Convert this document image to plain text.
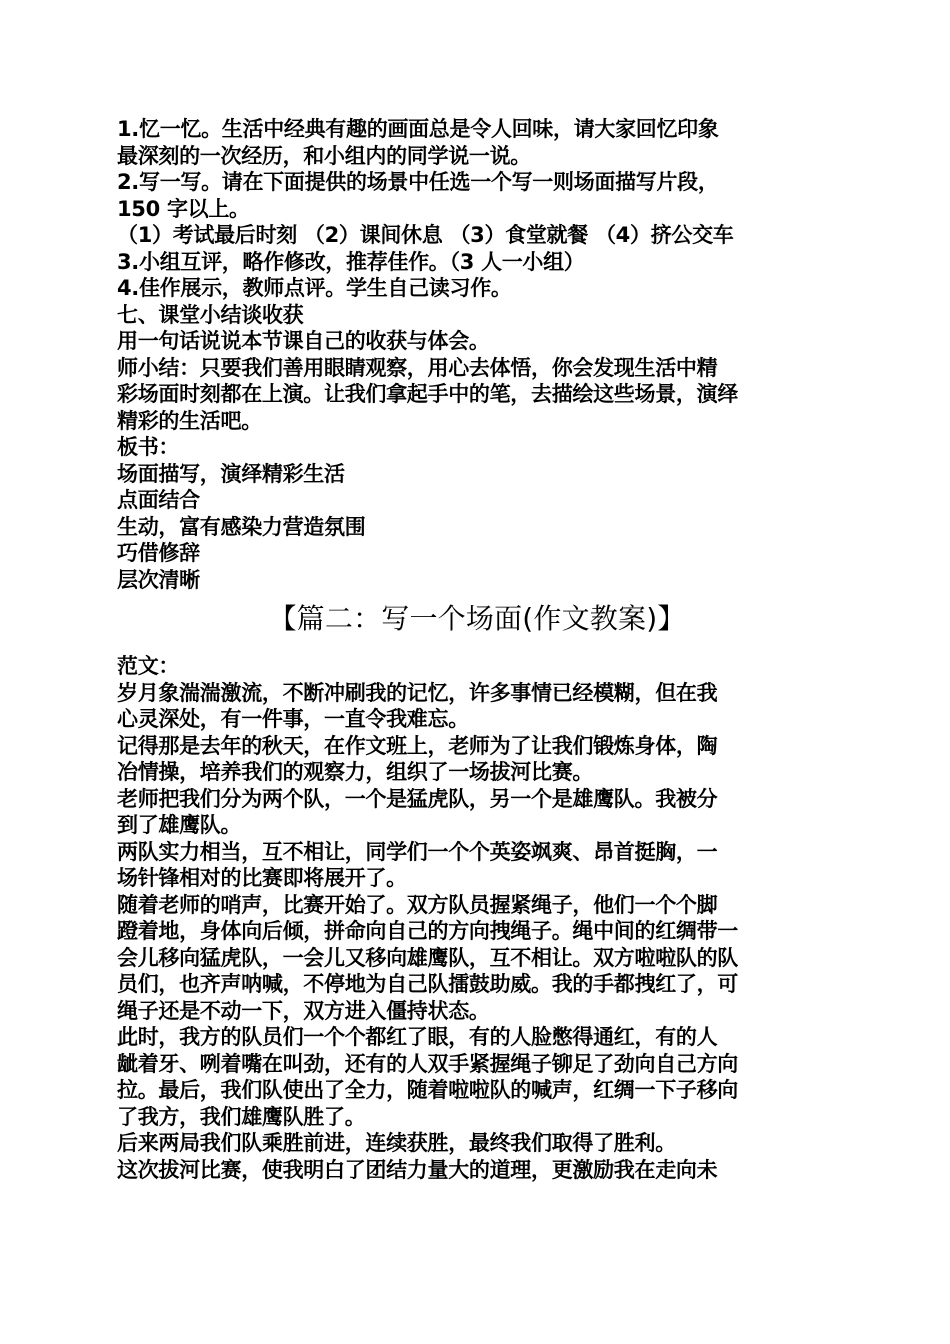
1.忆一忆。生活中经典有趣的画面总是令人回味，请大家回忆印象
最深刻的一次经历，和小组内的同学说一说。
2.写一写。请在下面提供的场景中任选一个写一则场面描写片段，
150 字以上。
（1）考试最后时刻 （2）课间休息 （3）食堂就餐 （4）挤公交车
3.小组互评，略作修改，推荐佳作。（3 人一小组）
4.佳作展示，教师点评。学生自己读习作。
七、课堂小结谈收获
用一句话说说本节课自己的收获与体会。
师小结：只要我们善用眼睛观察，用心去体悟，你会发现生活中精
彩场面时刻都在上演。让我们拿起手中的笔，去描绘这些场景，演绎
精彩的生活吧。
板书：
场面描写，演绎精彩生活
点面结合
生动，富有感染力营造氛围
巧借修辞
层次清晰
【篇二：写一个场面(作文教案)】
范文：
岁月象湍湍激流，不断冲刷我的记忆，许多事情已经模糊，但在我
心灵深处，有一件事，一直令我难忘。
记得那是去年的秋天，在作文班上，老师为了让我们锻炼身体，陶
冶情操，培养我们的观察力，组织了一场拔河比赛。
老师把我们分为两个队，一个是猛虎队，另一个是雄鹰队。我被分
到了雄鹰队。
两队实力相当，互不相让，同学们一个个英姿飒爽、昂首挺胸，一
场针锋相对的比赛即将展开了。
随着老师的哨声，比赛开始了。双方队员握紧绳子，他们一个个脚
蹬着地，身体向后倾，拼命向自己的方向拽绳子。绳中间的红绸带一
会儿移向猛虎队，一会儿又移向雄鹰队，互不相让。双方啦啦队的队
员们，也齐声呐喊，不停地为自己队擂鼓助威。我的手都拽红了，可
绳子还是不动一下，双方进入僵持状态。
此时，我方的队员们一个个都红了眼，有的人脸憋得通红，有的人
龇着牙、咧着嘴在叫劲，还有的人双手紧握绳子铆足了劲向自己方向
拉。最后，我们队使出了全力，随着啦啦队的喊声，红绸一下子移向
了我方，我们雄鹰队胜了。
后来两局我们队乘胜前进，连续获胜，最终我们取得了胜利。
这次拔河比赛，使我明白了团结力量大的道理，更激励我在走向未
